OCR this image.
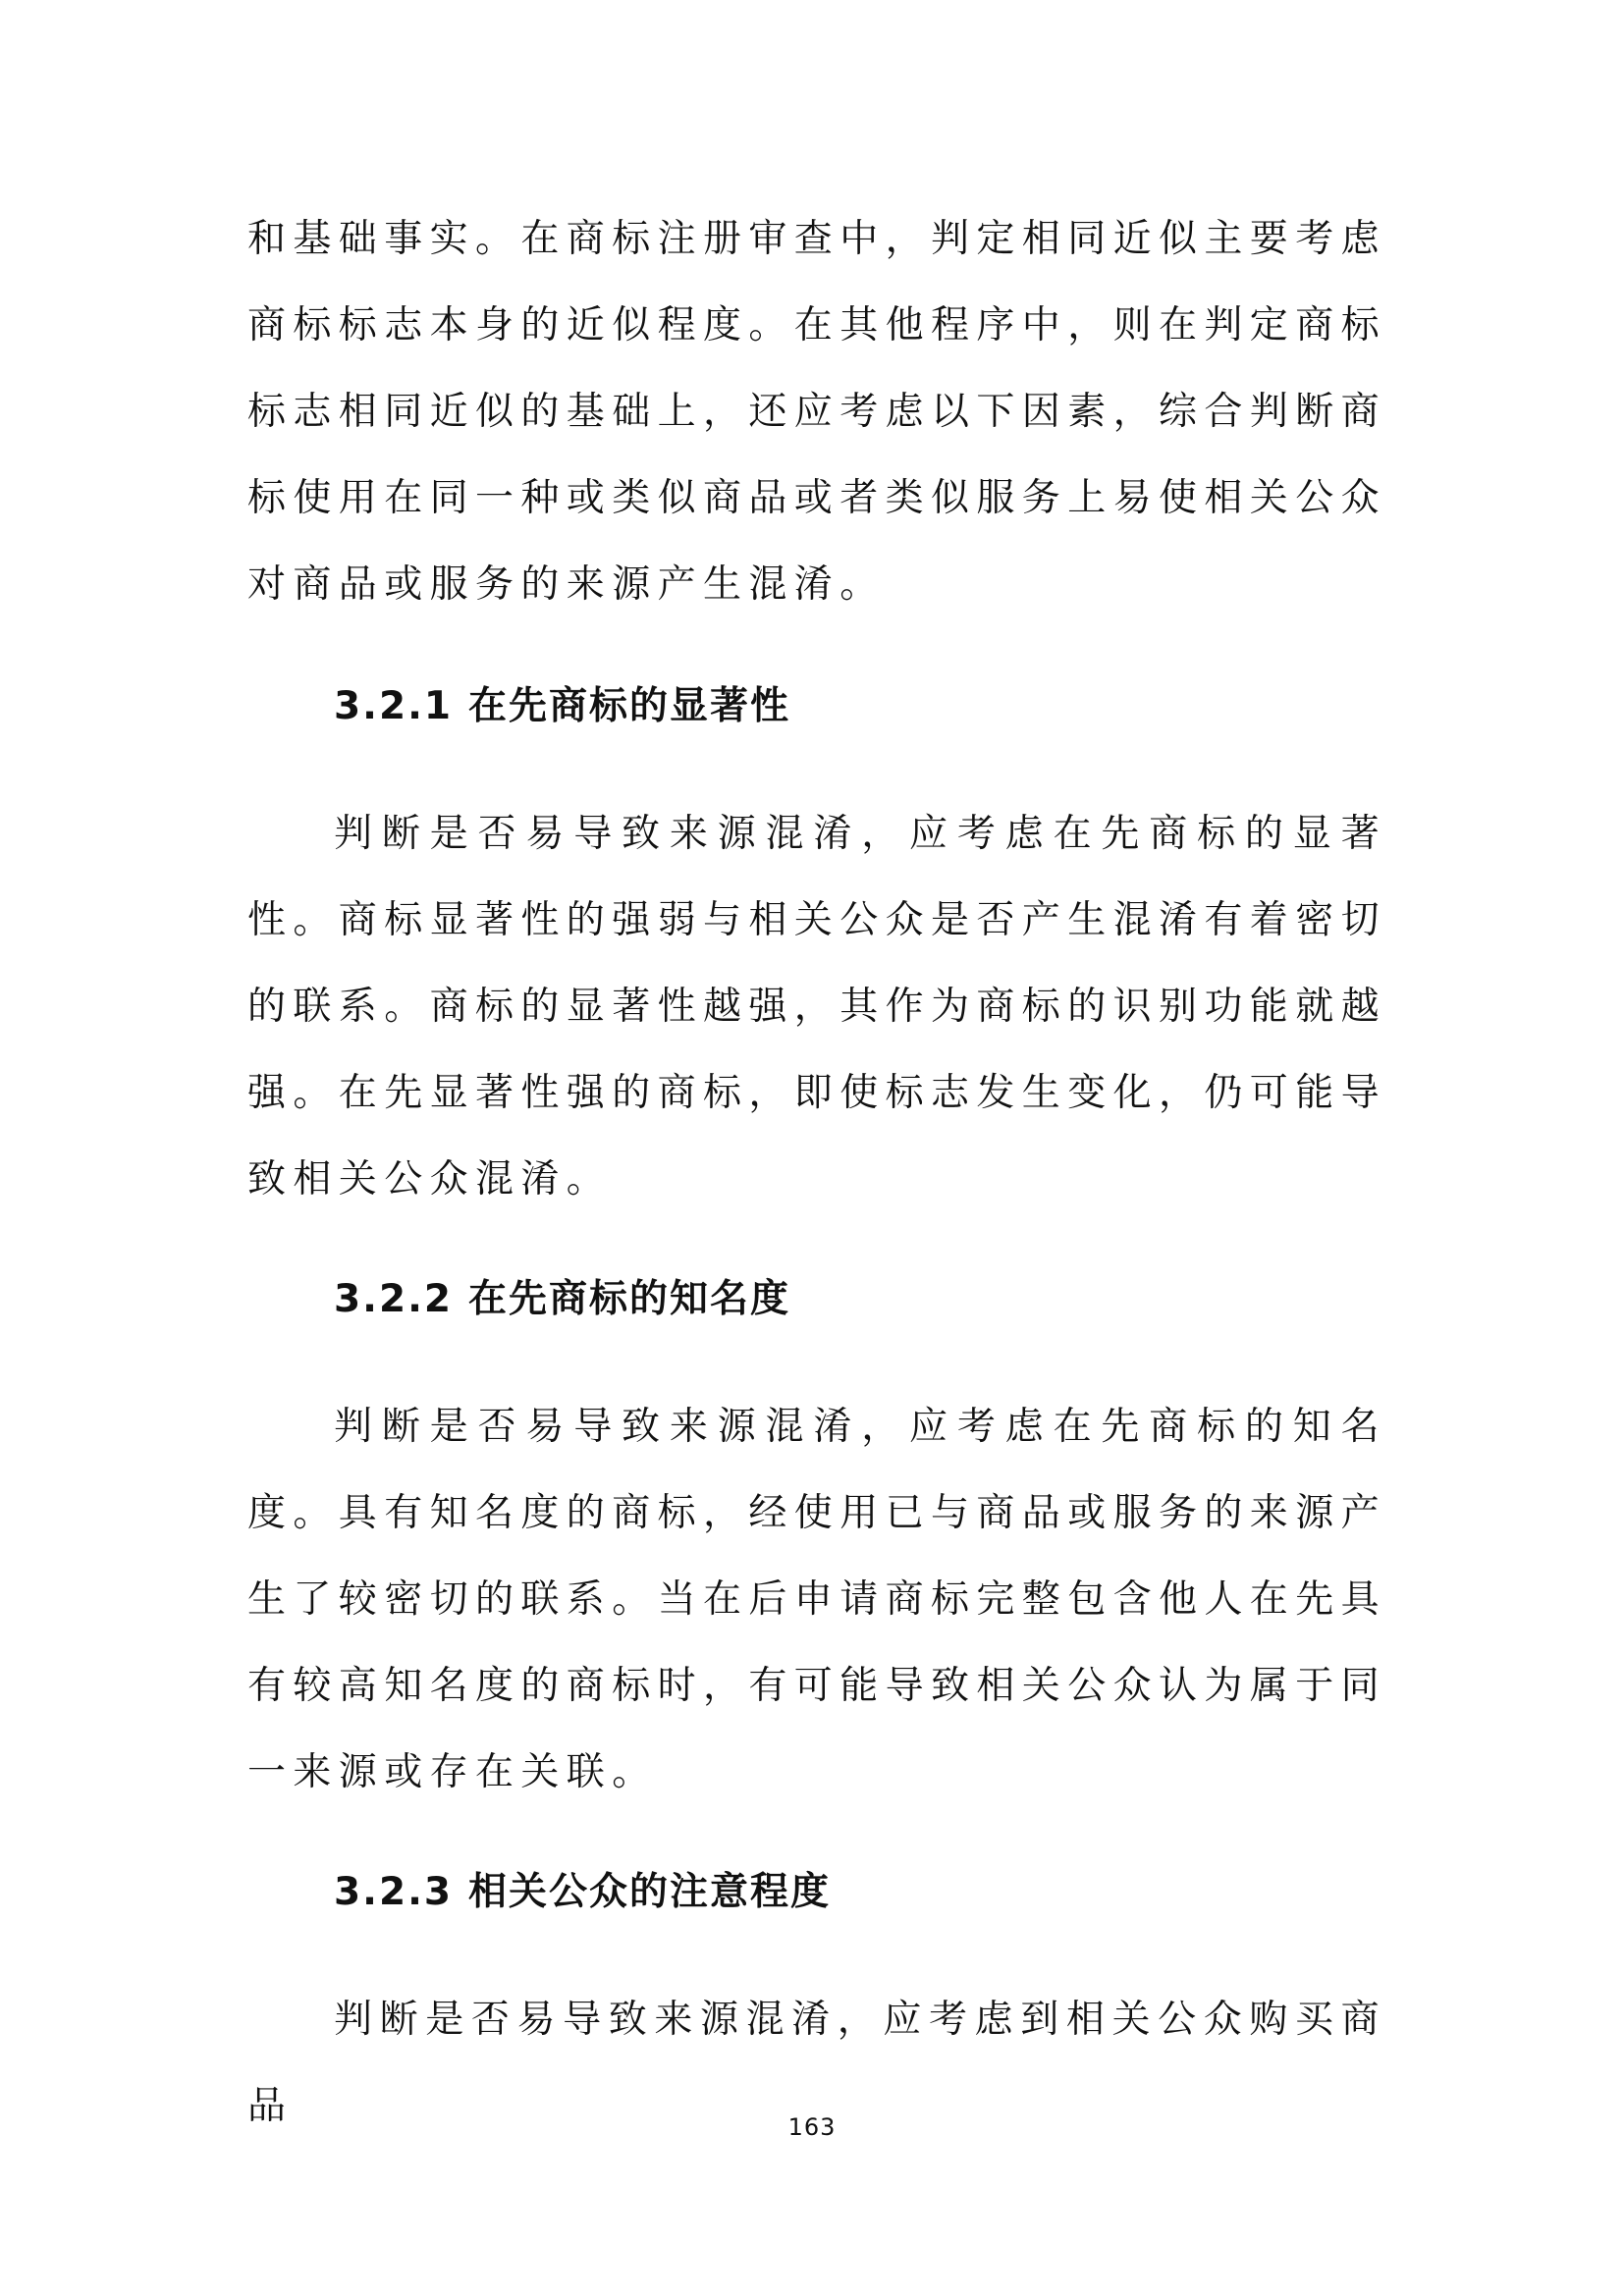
和基础事实。在商标注册审查中，判定相同近似主要考虑商标标志本身的近似程度。在其他程序中，则在判定商标标志相同近似的基础上，还应考虑以下因素，综合判断商标使用在同一种或类似商品或者类似服务上易使相关公众对商品或服务的来源产生混淆。

3.2.1 在先商标的显著性

判断是否易导致来源混淆，应考虑在先商标的显著性。商标显著性的强弱与相关公众是否产生混淆有着密切的联系。商标的显著性越强，其作为商标的识别功能就越强。在先显著性强的商标，即使标志发生变化，仍可能导致相关公众混淆。

3.2.2 在先商标的知名度

判断是否易导致来源混淆，应考虑在先商标的知名度。具有知名度的商标，经使用已与商品或服务的来源产生了较密切的联系。当在后申请商标完整包含他人在先具有较高知名度的商标时，有可能导致相关公众认为属于同一来源或存在关联。

3.2.3 相关公众的注意程度

判断是否易导致来源混淆，应考虑到相关公众购买商品	163
